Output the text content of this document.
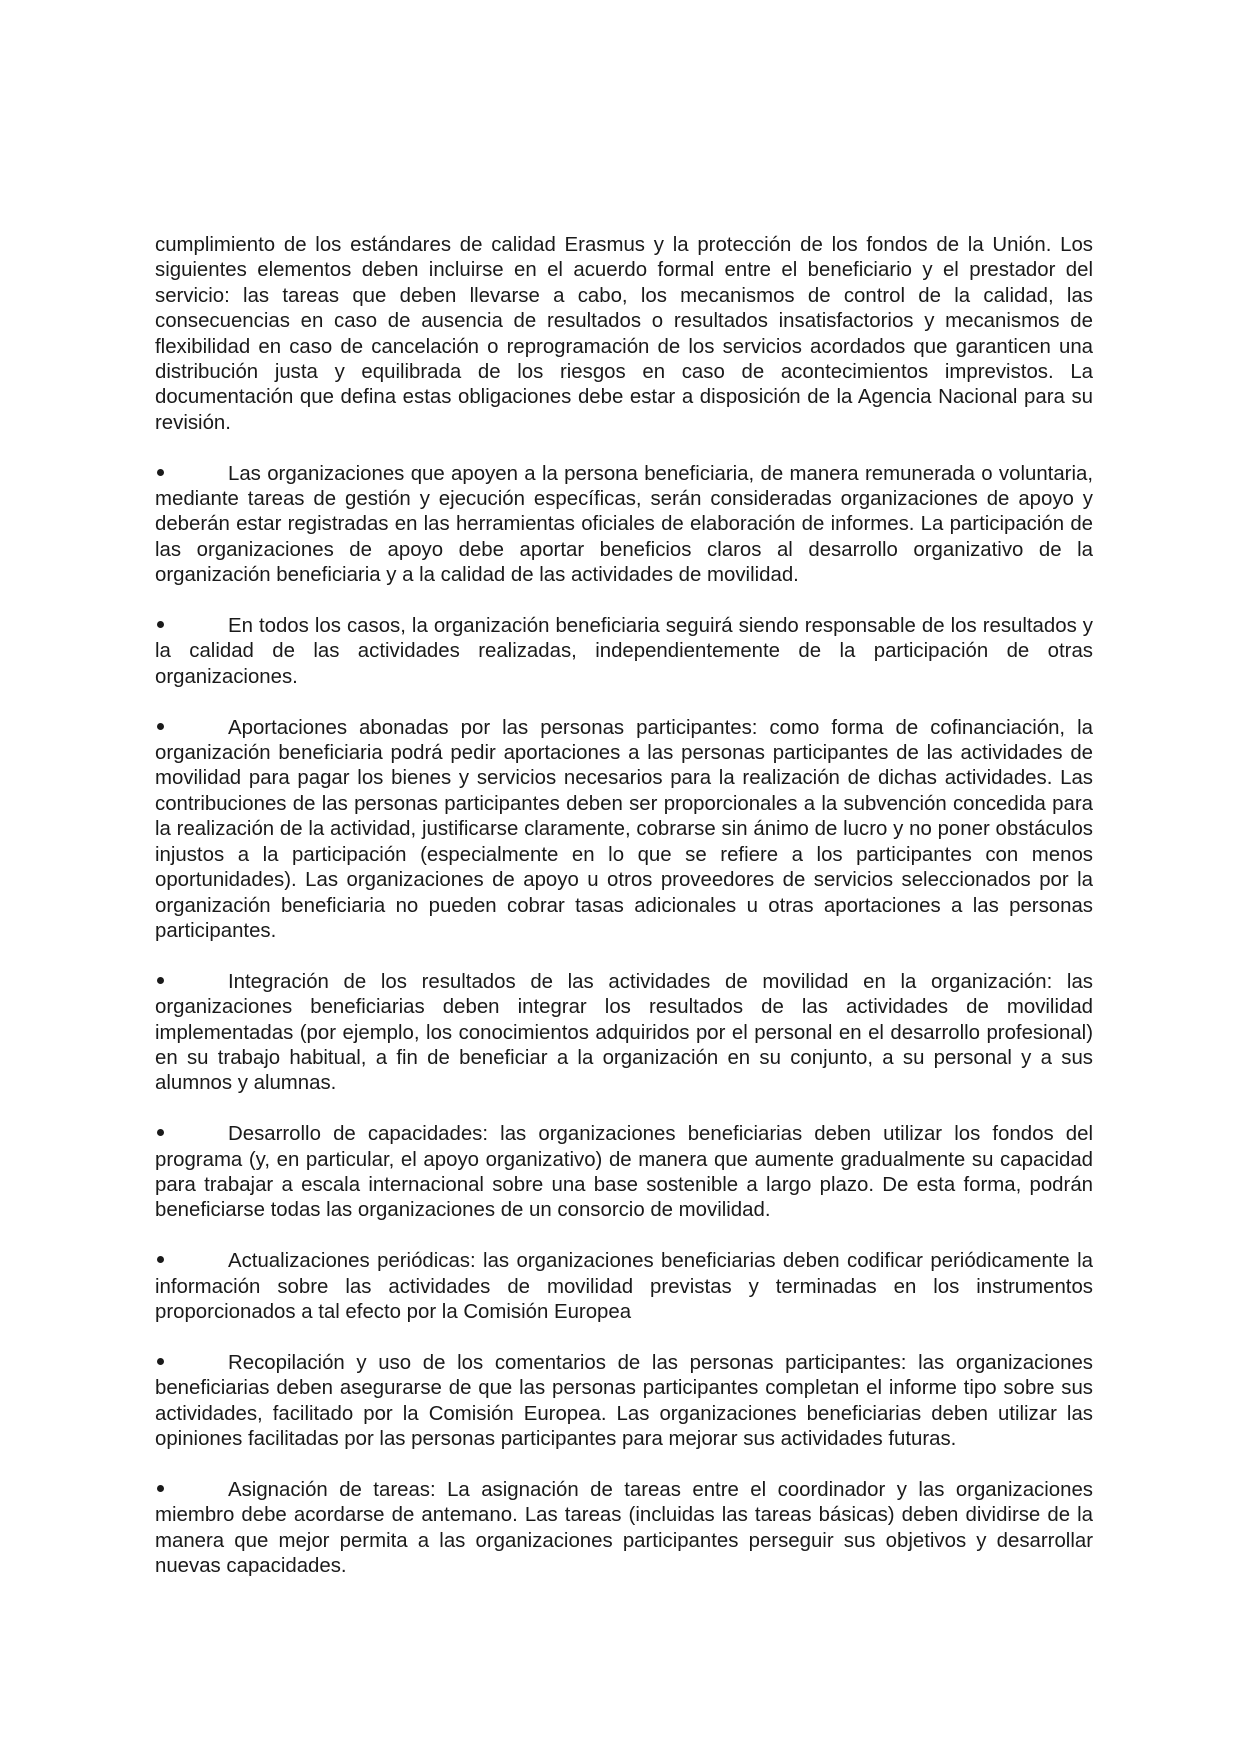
cumplimiento de los estándares de calidad Erasmus y la protección de los fondos de la Unión. Los siguientes elementos deben incluirse en el acuerdo formal entre el beneficiario y el prestador del servicio: las tareas que deben llevarse a cabo, los mecanismos de control de la calidad, las consecuencias en caso de ausencia de resultados o resultados insatisfactorios y mecanismos de flexibilidad en caso de cancelación o reprogramación de los servicios acordados que garanticen una distribución justa y equilibrada de los riesgos en caso de acontecimientos imprevistos. La documentación que defina estas obligaciones debe estar a disposición de la Agencia Nacional para su revisión.

Las organizaciones que apoyen a la persona beneficiaria, de manera remunerada o voluntaria, mediante tareas de gestión y ejecución específicas, serán consideradas organizaciones de apoyo y deberán estar registradas en las herramientas oficiales de elaboración de informes. La participación de las organizaciones de apoyo debe aportar beneficios claros al desarrollo organizativo de la organización beneficiaria y a la calidad de las actividades de movilidad.

En todos los casos, la organización beneficiaria seguirá siendo responsable de los resultados y la calidad de las actividades realizadas, independientemente de la participación de otras organizaciones.

Aportaciones abonadas por las personas participantes: como forma de cofinanciación, la organización beneficiaria podrá pedir aportaciones a las personas participantes de las actividades de movilidad para pagar los bienes y servicios necesarios para la realización de dichas actividades. Las contribuciones de las personas participantes deben ser proporcionales a la subvención concedida para la realización de la actividad, justificarse claramente, cobrarse sin ánimo de lucro y no poner obstáculos injustos a la participación (especialmente en lo que se refiere a los participantes con menos oportunidades). Las organizaciones de apoyo u otros proveedores de servicios seleccionados por la organización beneficiaria no pueden cobrar tasas adicionales u otras aportaciones a las personas participantes.

Integración de los resultados de las actividades de movilidad en la organización: las organizaciones beneficiarias deben integrar los resultados de las actividades de movilidad implementadas (por ejemplo, los conocimientos adquiridos por el personal en el desarrollo profesional) en su trabajo habitual, a fin de beneficiar a la organización en su conjunto, a su personal y a sus alumnos y alumnas.

Desarrollo de capacidades: las organizaciones beneficiarias deben utilizar los fondos del programa (y, en particular, el apoyo organizativo) de manera que aumente gradualmente su capacidad para trabajar a escala internacional sobre una base sostenible a largo plazo. De esta forma, podrán beneficiarse todas las organizaciones de un consorcio de movilidad.

Actualizaciones periódicas: las organizaciones beneficiarias deben codificar periódicamente la información sobre las actividades de movilidad previstas y terminadas en los instrumentos proporcionados a tal efecto por la Comisión Europea

Recopilación y uso de los comentarios de las personas participantes: las organizaciones beneficiarias deben asegurarse de que las personas participantes completan el informe tipo sobre sus actividades, facilitado por la Comisión Europea. Las organizaciones beneficiarias deben utilizar las opiniones facilitadas por las personas participantes para mejorar sus actividades futuras.

Asignación de tareas: La asignación de tareas entre el coordinador y las organizaciones miembro debe acordarse de antemano. Las tareas (incluidas las tareas básicas) deben dividirse de la manera que mejor permita a las organizaciones participantes perseguir sus objetivos y desarrollar nuevas capacidades.
